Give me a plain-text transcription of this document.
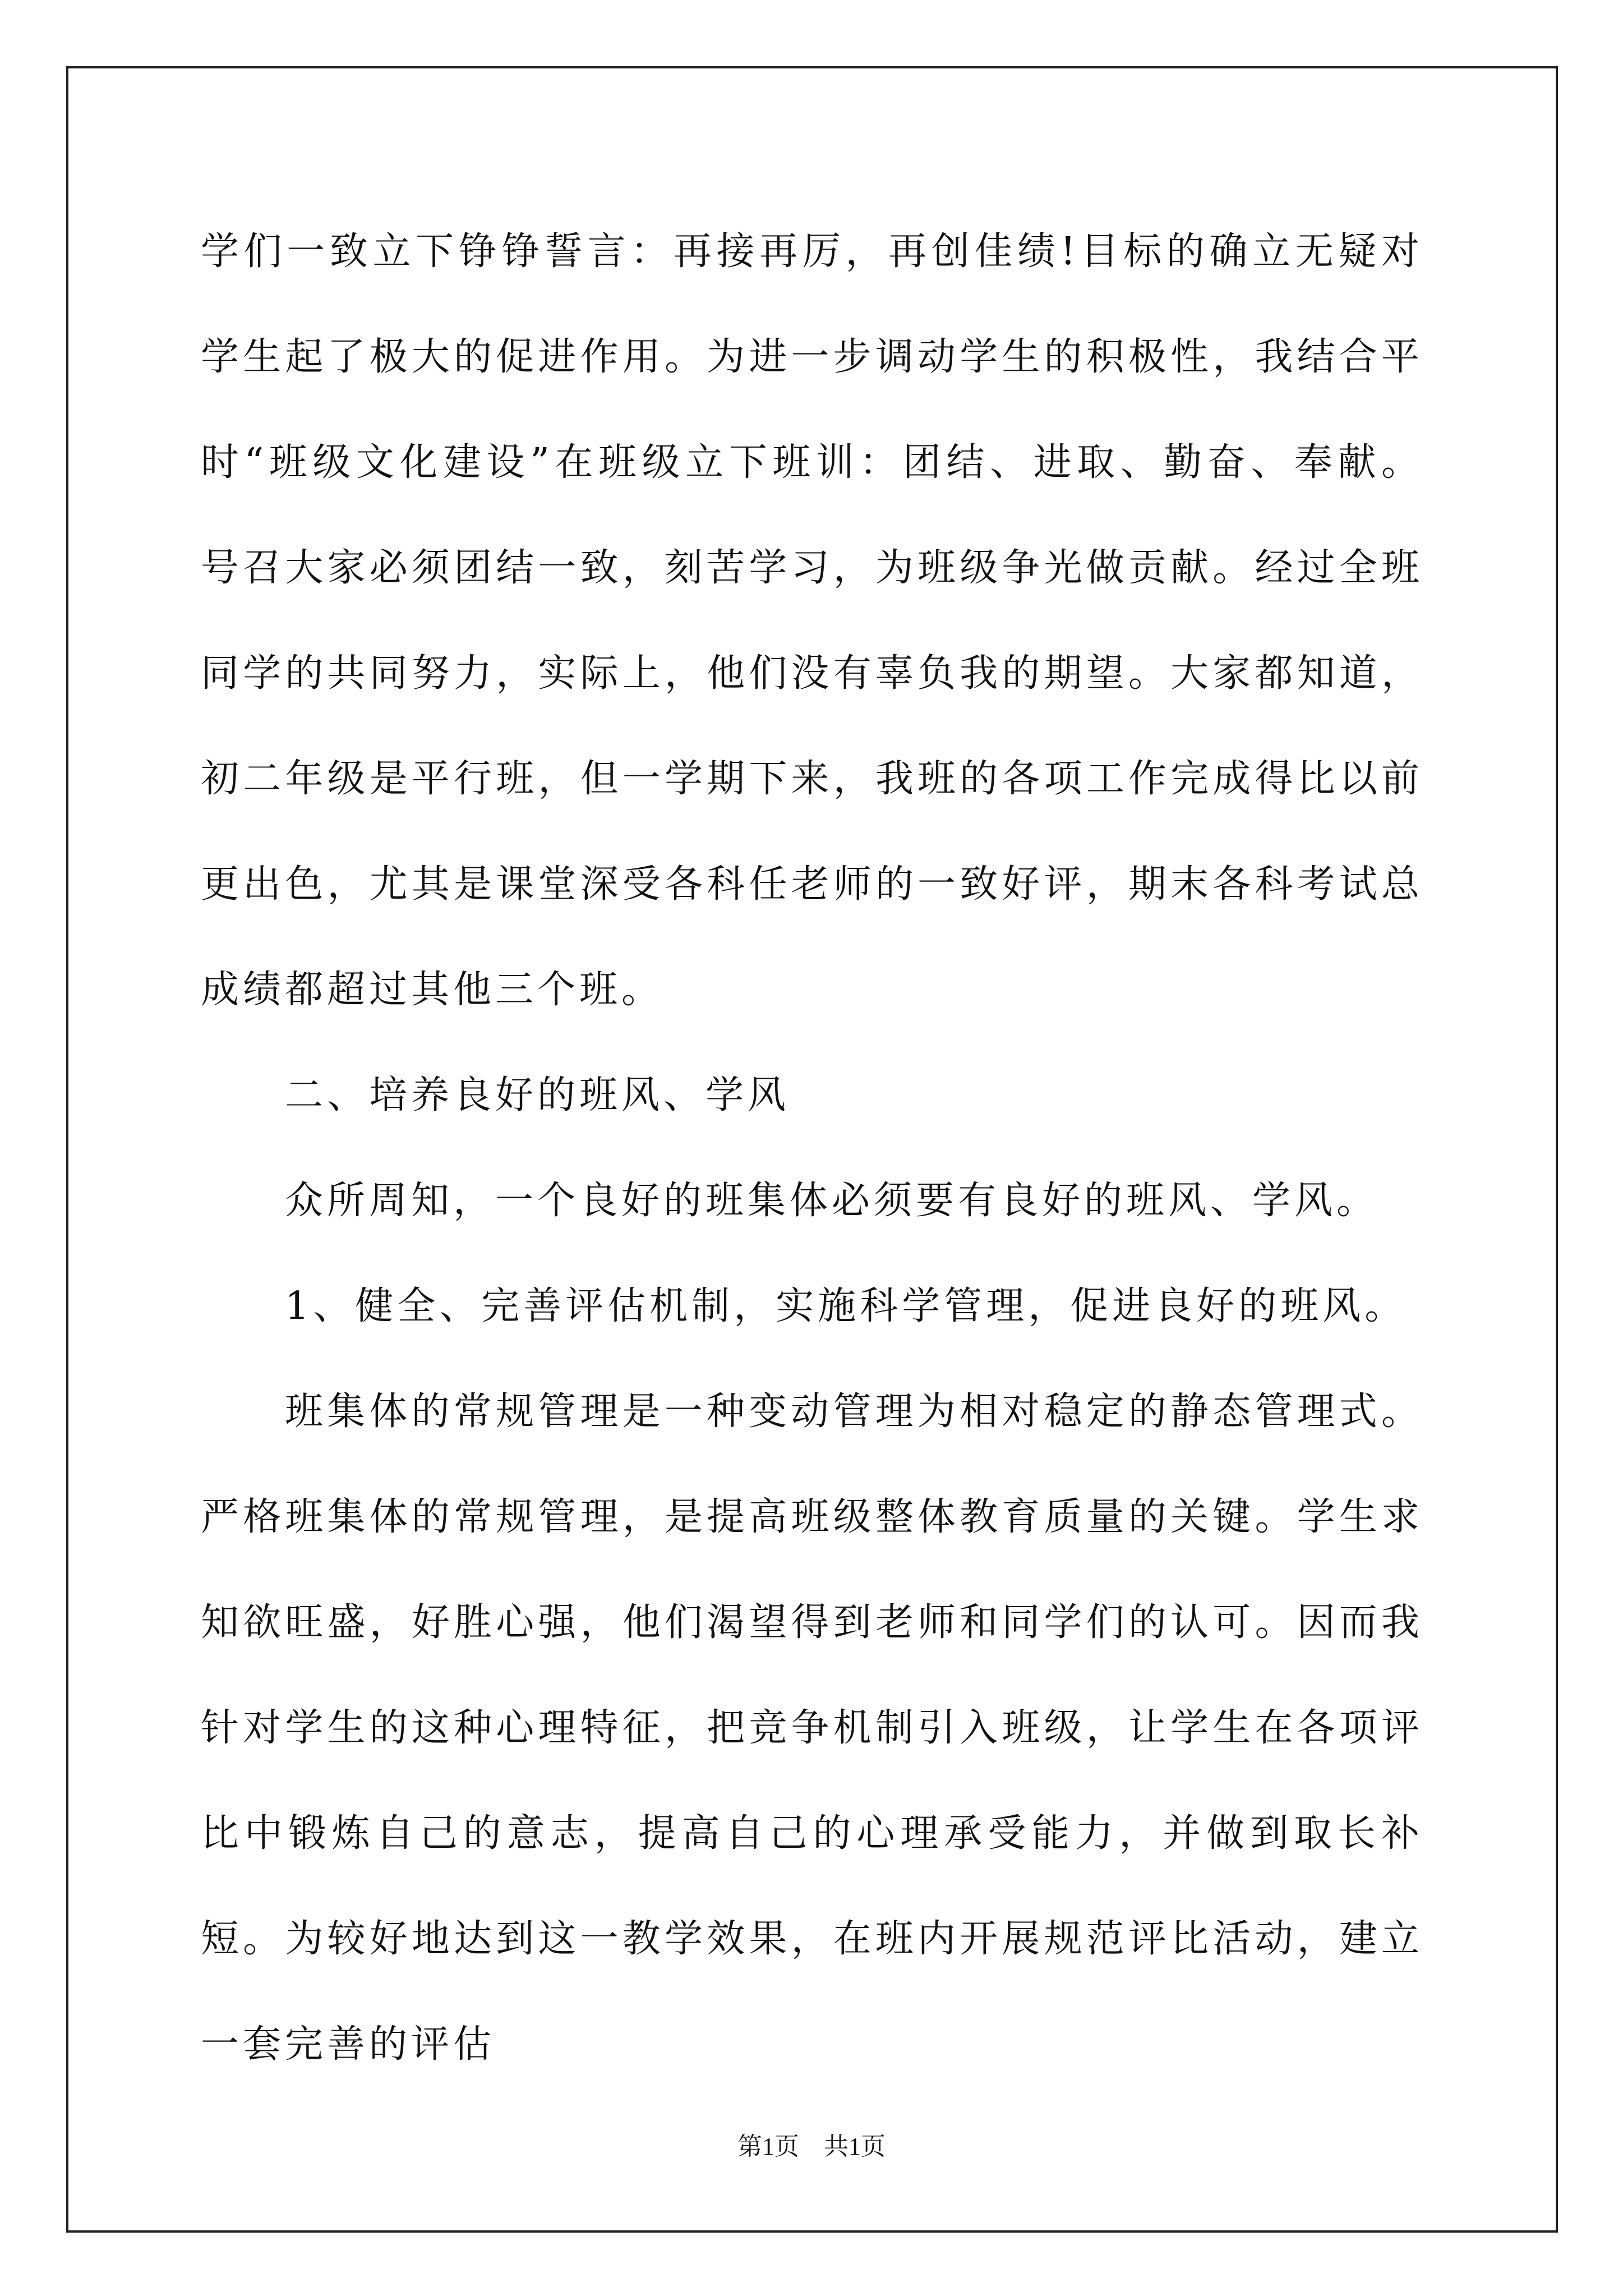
学们一致立下铮铮誓言：再接再厉，再创佳绩!目标的确立无疑对学生起了极大的促进作用。为进一步调动学生的积极性，我结合平时“班级文化建设”在班级立下班训：团结、进取、勤奋、奉献。号召大家必须团结一致，刻苦学习，为班级争光做贡献。经过全班同学的共同努力，实际上，他们没有辜负我的期望。大家都知道，初二年级是平行班，但一学期下来，我班的各项工作完成得比以前更出色，尤其是课堂深受各科任老师的一致好评，期末各科考试总成绩都超过其他三个班。

二、培养良好的班风、学风

众所周知，一个良好的班集体必须要有良好的班风、学风。

1、健全、完善评估机制，实施科学管理，促进良好的班风。

班集体的常规管理是一种变动管理为相对稳定的静态管理式。严格班集体的常规管理，是提高班级整体教育质量的关键。学生求知欲旺盛，好胜心强，他们渴望得到老师和同学们的认可。因而我针对学生的这种心理特征，把竞争机制引入班级，让学生在各项评比中锻炼自己的意志，提高自己的心理承受能力，并做到取长补短。为较好地达到这一教学效果，在班内开展规范评比活动，建立一套完善的评估

第1页　共1页
